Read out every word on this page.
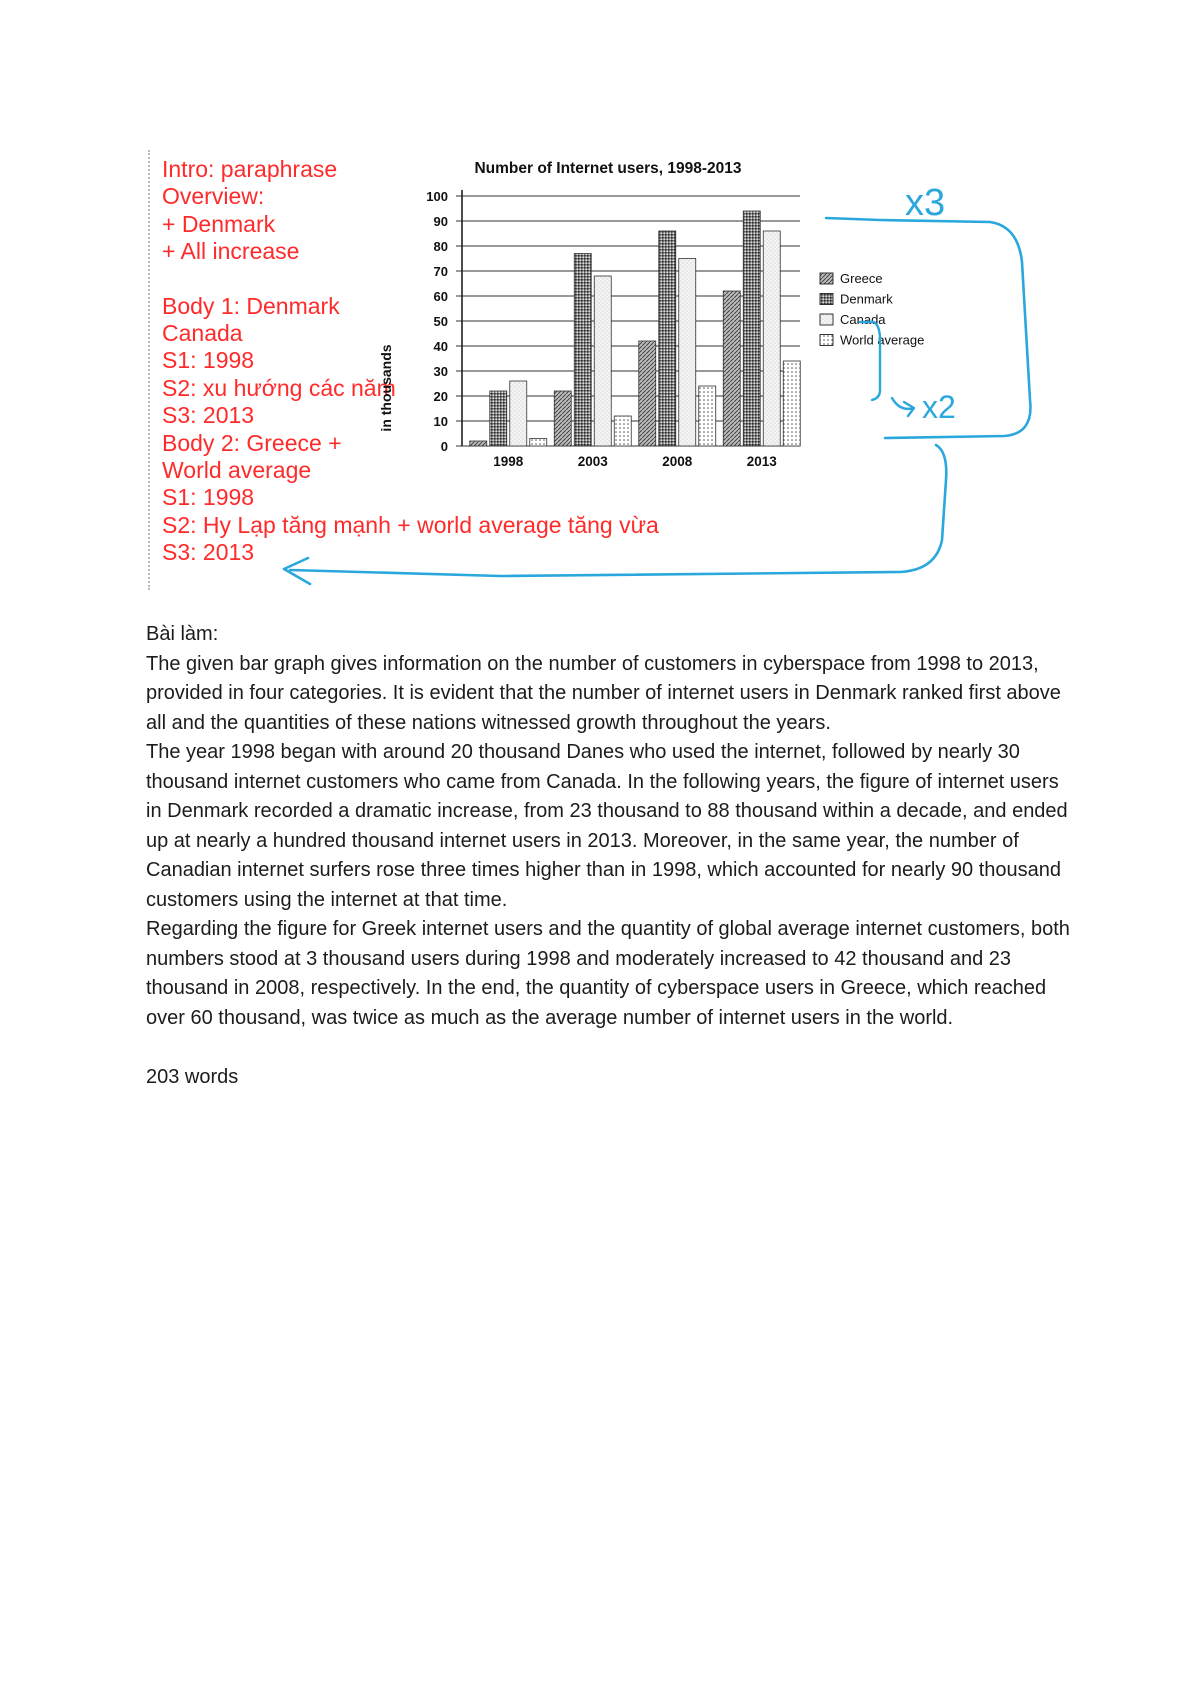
Intro: paraphrase
Overview:
+ Denmark
+ All increase
Body 1: Denmark
Canada
S1: 1998
S2: xu hướng các năm
S3: 2013
Body 2: Greece +
World average
S1: 1998
S2: Hy Lạp tăng mạnh + world average tăng vừa
S3: 2013
Number of Internet users, 1998-2013
in thousands
0
10
20
30
40
50
60
70
80
90
100
1998	2003	2008	2013
Greece
Denmark
Canada
World average
x3
x2

Bài làm:

The given bar graph gives information on the number of customers in cyberspace from 1998 to 2013, provided in four categories. It is evident that the number of internet users in Denmark ranked first above all and the quantities of these nations witnessed growth throughout the years.

The year 1998 began with around 20 thousand Danes who used the internet, followed by nearly 30 thousand internet customers who came from Canada. In the following years, the figure of internet users in Denmark recorded a dramatic increase, from 23 thousand to 88 thousand within a decade, and ended up at nearly a hundred thousand internet users in 2013. Moreover, in the same year, the number of Canadian internet surfers rose three times higher than in 1998, which accounted for nearly 90 thousand customers using the internet at that time.

Regarding the figure for Greek internet users and the quantity of global average internet customers, both numbers stood at 3 thousand users during 1998 and moderately increased to 42 thousand and 23 thousand in 2008, respectively. In the end, the quantity of cyberspace users in Greece, which reached over 60 thousand, was twice as much as the average number of internet users in the world.

203 words
